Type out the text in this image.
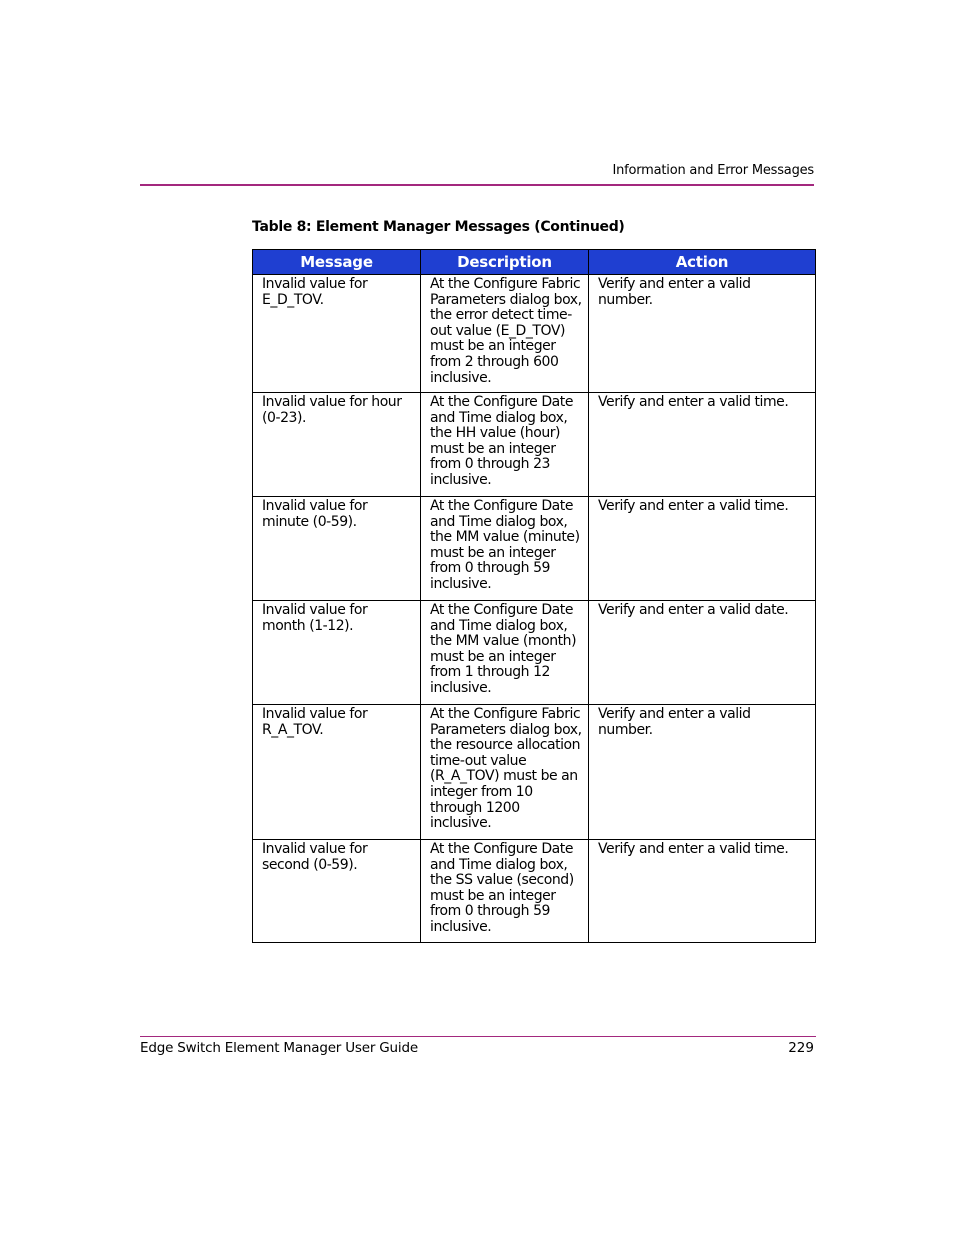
Information and Error Messages
Table 8: Element Manager Messages (Continued)
Message	Description	Action
Invalid value for E_D_TOV.	At the Configure Fabric Parameters dialog box, the error detect time-out value (E_D_TOV) must be an integer from 2 through 600 inclusive.	Verify and enter a valid number.
Invalid value for hour (0-23).	At the Configure Date and Time dialog box, the HH value (hour) must be an integer from 0 through 23 inclusive.	Verify and enter a valid time.
Invalid value for minute (0-59).	At the Configure Date and Time dialog box, the MM value (minute) must be an integer from 0 through 59 inclusive.	Verify and enter a valid time.
Invalid value for month (1-12).	At the Configure Date and Time dialog box, the MM value (month) must be an integer from 1 through 12 inclusive.	Verify and enter a valid date.
Invalid value for R_A_TOV.	At the Configure Fabric Parameters dialog box, the resource allocation time-out value (R_A_TOV) must be an integer from 10 through 1200 inclusive.	Verify and enter a valid number.
Invalid value for second (0-59).	At the Configure Date and Time dialog box, the SS value (second) must be an integer from 0 through 59 inclusive.	Verify and enter a valid time.
Edge Switch Element Manager User Guide	229
